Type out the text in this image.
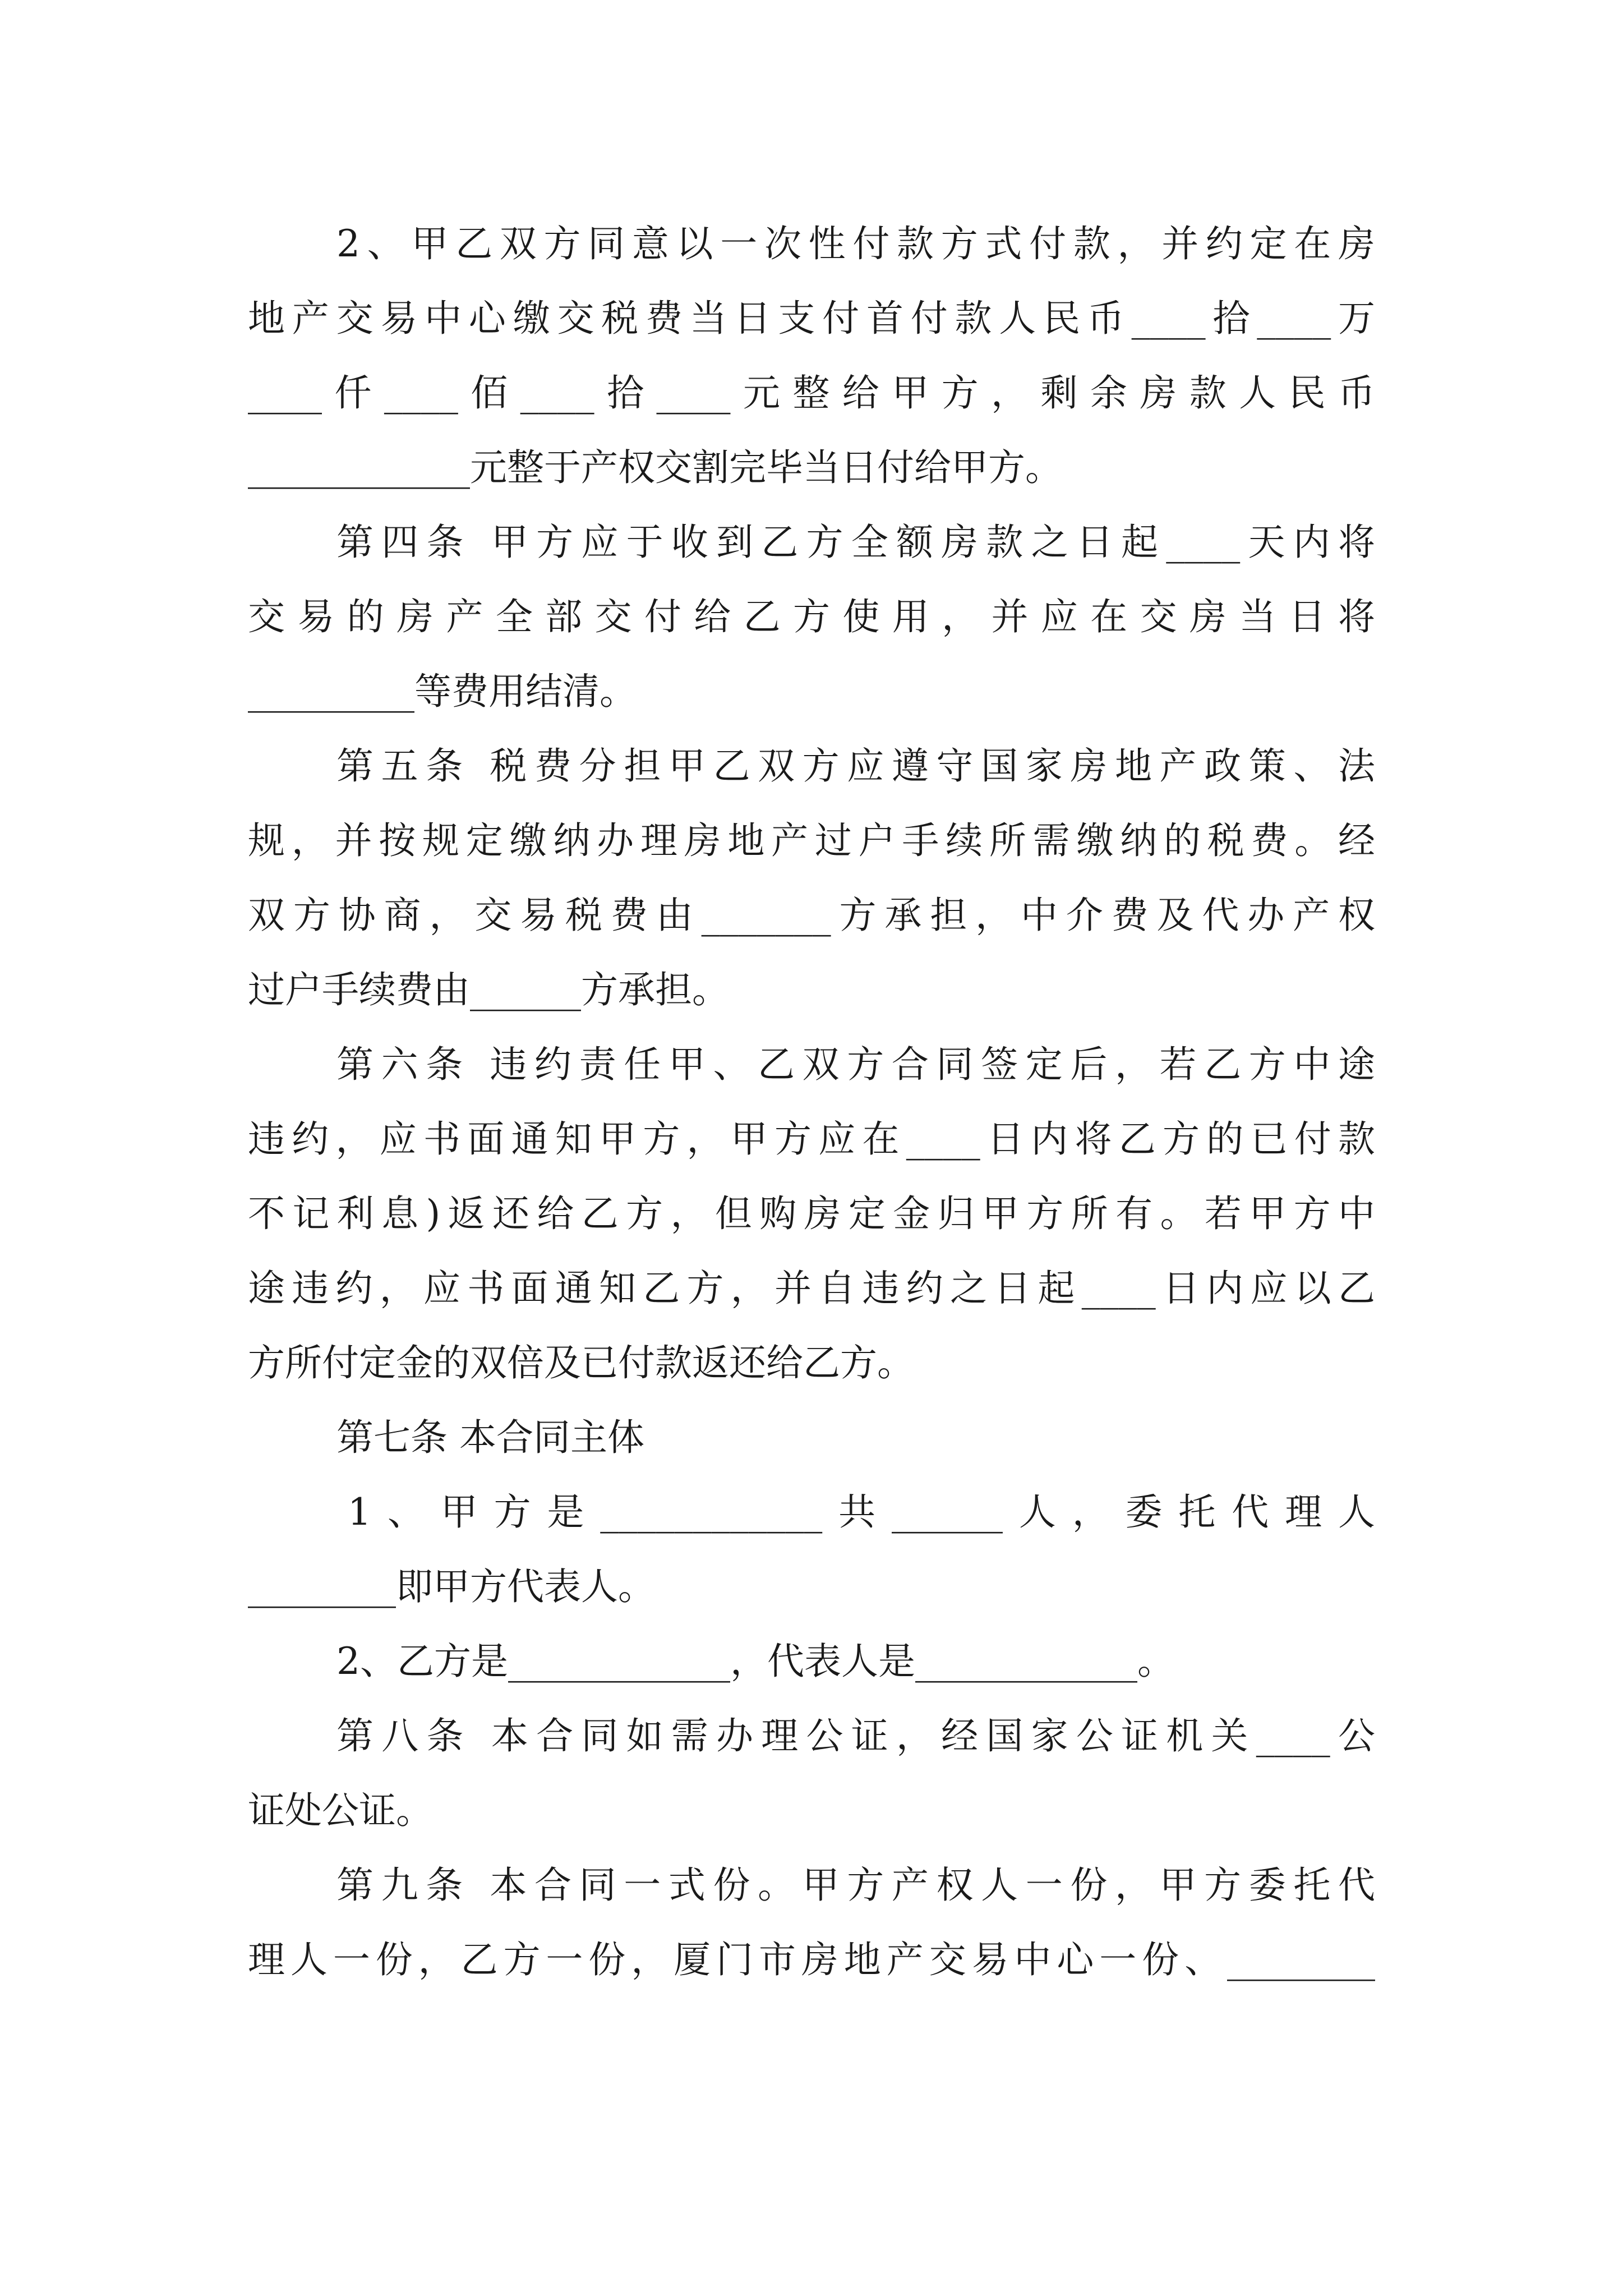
2、甲乙双方同意以一次性付款方式付款，并约定在房
地产交易中心缴交税费当日支付首付款人民币____拾____万
____仟____佰____拾____元整给甲方，剩余房款人民币
____________元整于产权交割完毕当日付给甲方。
第四条 甲方应于收到乙方全额房款之日起____天内将
交易的房产全部交付给乙方使用，并应在交房当日将
_________等费用结清。
第五条 税费分担甲乙双方应遵守国家房地产政策、法
规，并按规定缴纳办理房地产过户手续所需缴纳的税费。经
双方协商，交易税费由_______方承担，中介费及代办产权
过户手续费由______方承担。
第六条 违约责任甲、乙双方合同签定后，若乙方中途
违约，应书面通知甲方，甲方应在____日内将乙方的已付款
不记利息)返还给乙方，但购房定金归甲方所有。若甲方中
途违约，应书面通知乙方，并自违约之日起____日内应以乙
方所付定金的双倍及已付款返还给乙方。
第七条 本合同主体
1、甲方是____________共______人，委托代理人
________即甲方代表人。
2、乙方是____________，代表人是____________。
第八条 本合同如需办理公证，经国家公证机关____公
证处公证。
第九条 本合同一式份。甲方产权人一份，甲方委托代
理人一份，乙方一份，厦门市房地产交易中心一份、________
